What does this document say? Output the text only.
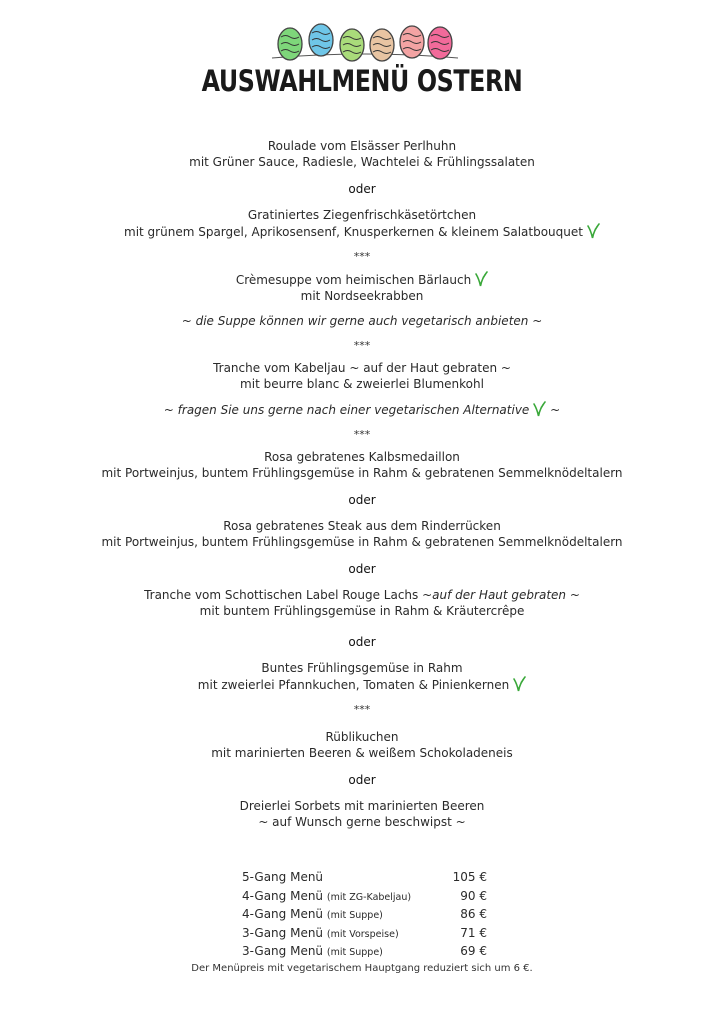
AUSWAHLMENÜ OSTERN
Roulade vom Elsässer Perlhuhn
mit Grüner Sauce, Radiesle, Wachtelei & Frühlingssalaten
oder
Gratiniertes Ziegenfrischkäsetörtchen
mit grünem Spargel, Aprikosensenf, Knusperkernen & kleinem Salatbouquet
***
Crèmesuppe vom heimischen Bärlauch
mit Nordseekrabben
~ die Suppe können wir gerne auch vegetarisch anbieten ~
***
Tranche vom Kabeljau ~ auf der Haut gebraten ~
mit beurre blanc & zweierlei Blumenkohl
~ fragen Sie uns gerne nach einer vegetarischen Alternative ~
***
Rosa gebratenes Kalbsmedaillon
mit Portweinjus, buntem Frühlingsgemüse in Rahm & gebratenen Semmelknödeltalern
oder
Rosa gebratenes Steak aus dem Rinderrücken
mit Portweinjus, buntem Frühlingsgemüse in Rahm & gebratenen Semmelknödeltalern
oder
Tranche vom Schottischen Label Rouge Lachs ~auf der Haut gebraten ~
mit buntem Frühlingsgemüse in Rahm & Kräutercrêpe
oder
Buntes Frühlingsgemüse in Rahm
mit zweierlei Pfannkuchen, Tomaten & Pinienkernen
***
Rüblikuchen
mit marinierten Beeren & weißem Schokoladeneis
oder
Dreierlei Sorbets mit marinierten Beeren
~ auf Wunsch gerne beschwipst ~
5-Gang Menü	105 €
4-Gang Menü (mit ZG-Kabeljau)	90 €
4-Gang Menü (mit Suppe)	86 €
3-Gang Menü (mit Vorspeise)	71 €
3-Gang Menü (mit Suppe)	69 €
Der Menüpreis mit vegetarischem Hauptgang reduziert sich um 6 €.
